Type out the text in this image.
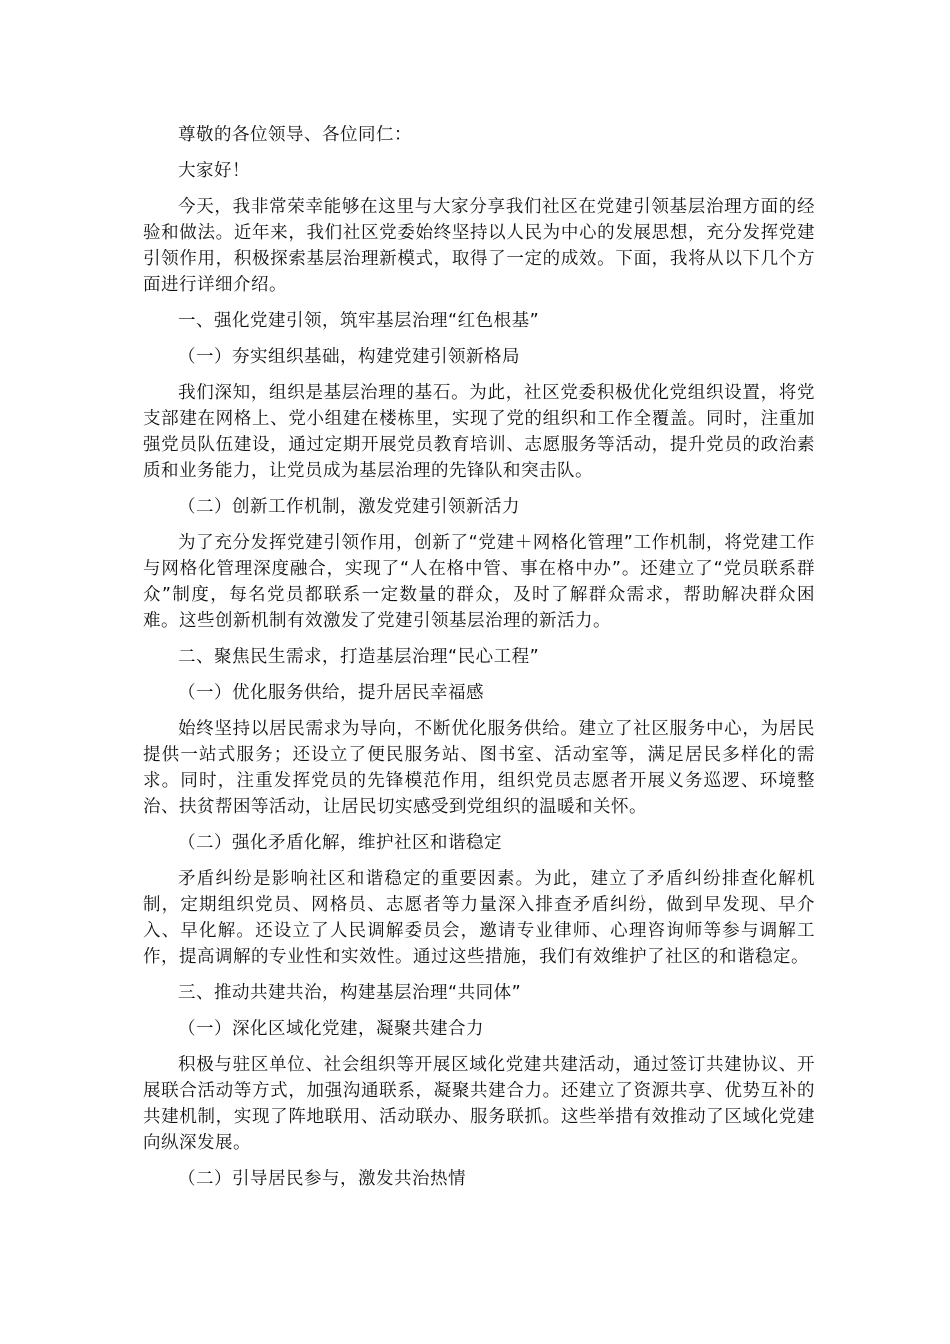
尊敬的各位领导、各位同仁：

大家好！

今天，我非常荣幸能够在这里与大家分享我们社区在党建引领基层治理方面的经验和做法。近年来，我们社区党委始终坚持以人民为中心的发展思想，充分发挥党建引领作用，积极探索基层治理新模式，取得了一定的成效。下面，我将从以下几个方面进行详细介绍。

一、强化党建引领，筑牢基层治理“红色根基”

（一）夯实组织基础，构建党建引领新格局

我们深知，组织是基层治理的基石。为此，社区党委积极优化党组织设置，将党支部建在网格上、党小组建在楼栋里，实现了党的组织和工作全覆盖。同时，注重加强党员队伍建设，通过定期开展党员教育培训、志愿服务等活动，提升党员的政治素质和业务能力，让党员成为基层治理的先锋队和突击队。

（二）创新工作机制，激发党建引领新活力

为了充分发挥党建引领作用，创新了“党建＋网格化管理”工作机制，将党建工作与网格化管理深度融合，实现了“人在格中管、事在格中办”。还建立了“党员联系群众”制度，每名党员都联系一定数量的群众，及时了解群众需求，帮助解决群众困难。这些创新机制有效激发了党建引领基层治理的新活力。

二、聚焦民生需求，打造基层治理“民心工程”

（一）优化服务供给，提升居民幸福感

始终坚持以居民需求为导向，不断优化服务供给。建立了社区服务中心，为居民提供一站式服务；还设立了便民服务站、图书室、活动室等，满足居民多样化的需求。同时，注重发挥党员的先锋模范作用，组织党员志愿者开展义务巡逻、环境整治、扶贫帮困等活动，让居民切实感受到党组织的温暖和关怀。

（二）强化矛盾化解，维护社区和谐稳定

矛盾纠纷是影响社区和谐稳定的重要因素。为此，建立了矛盾纠纷排查化解机制，定期组织党员、网格员、志愿者等力量深入排查矛盾纠纷，做到早发现、早介入、早化解。还设立了人民调解委员会，邀请专业律师、心理咨询师等参与调解工作，提高调解的专业性和实效性。通过这些措施，我们有效维护了社区的和谐稳定。

三、推动共建共治，构建基层治理“共同体”

（一）深化区域化党建，凝聚共建合力

积极与驻区单位、社会组织等开展区域化党建共建活动，通过签订共建协议、开展联合活动等方式，加强沟通联系，凝聚共建合力。还建立了资源共享、优势互补的共建机制，实现了阵地联用、活动联办、服务联抓。这些举措有效推动了区域化党建向纵深发展。

（二）引导居民参与，激发共治热情
